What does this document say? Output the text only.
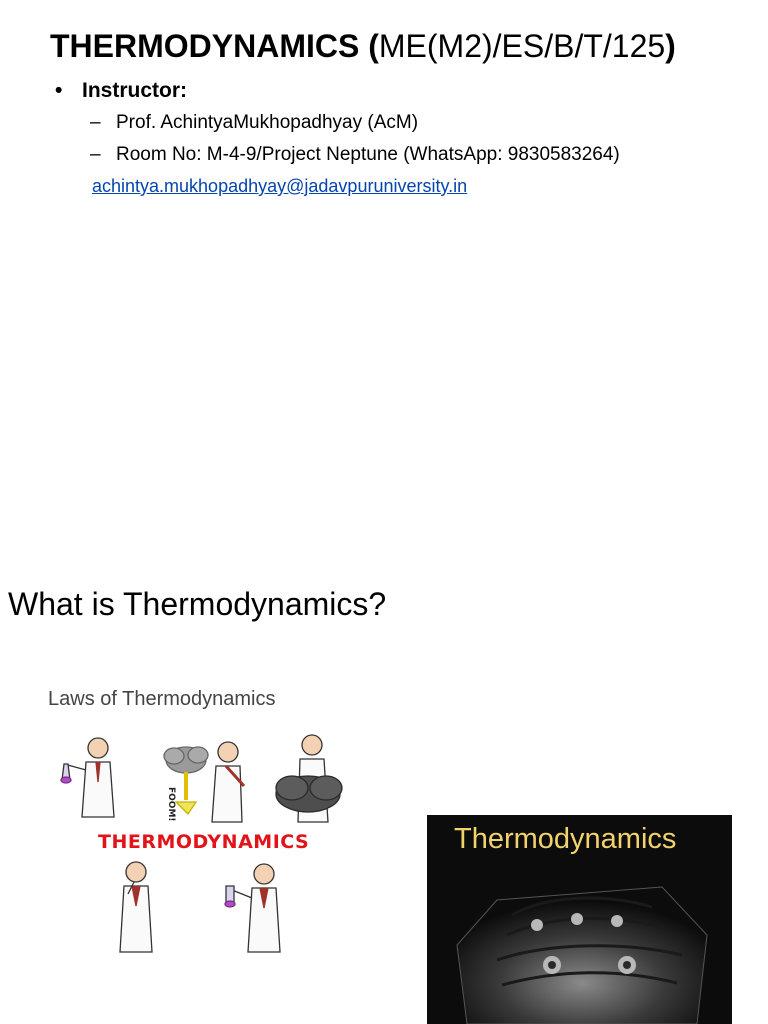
THERMODYNAMICS (ME(M2)/ES/B/T/125)
• Instructor:
– Prof. AchintyaMukhopadhyay (AcM)
– Room No: M-4-9/Project Neptune (WhatsApp: 9830583264)
achintya.mukhopadhyay@jadavpuruniversity.in
What is Thermodynamics?
Laws of Thermodynamics
FOOM!
THERMODYNAMICS	Thermodynamics
